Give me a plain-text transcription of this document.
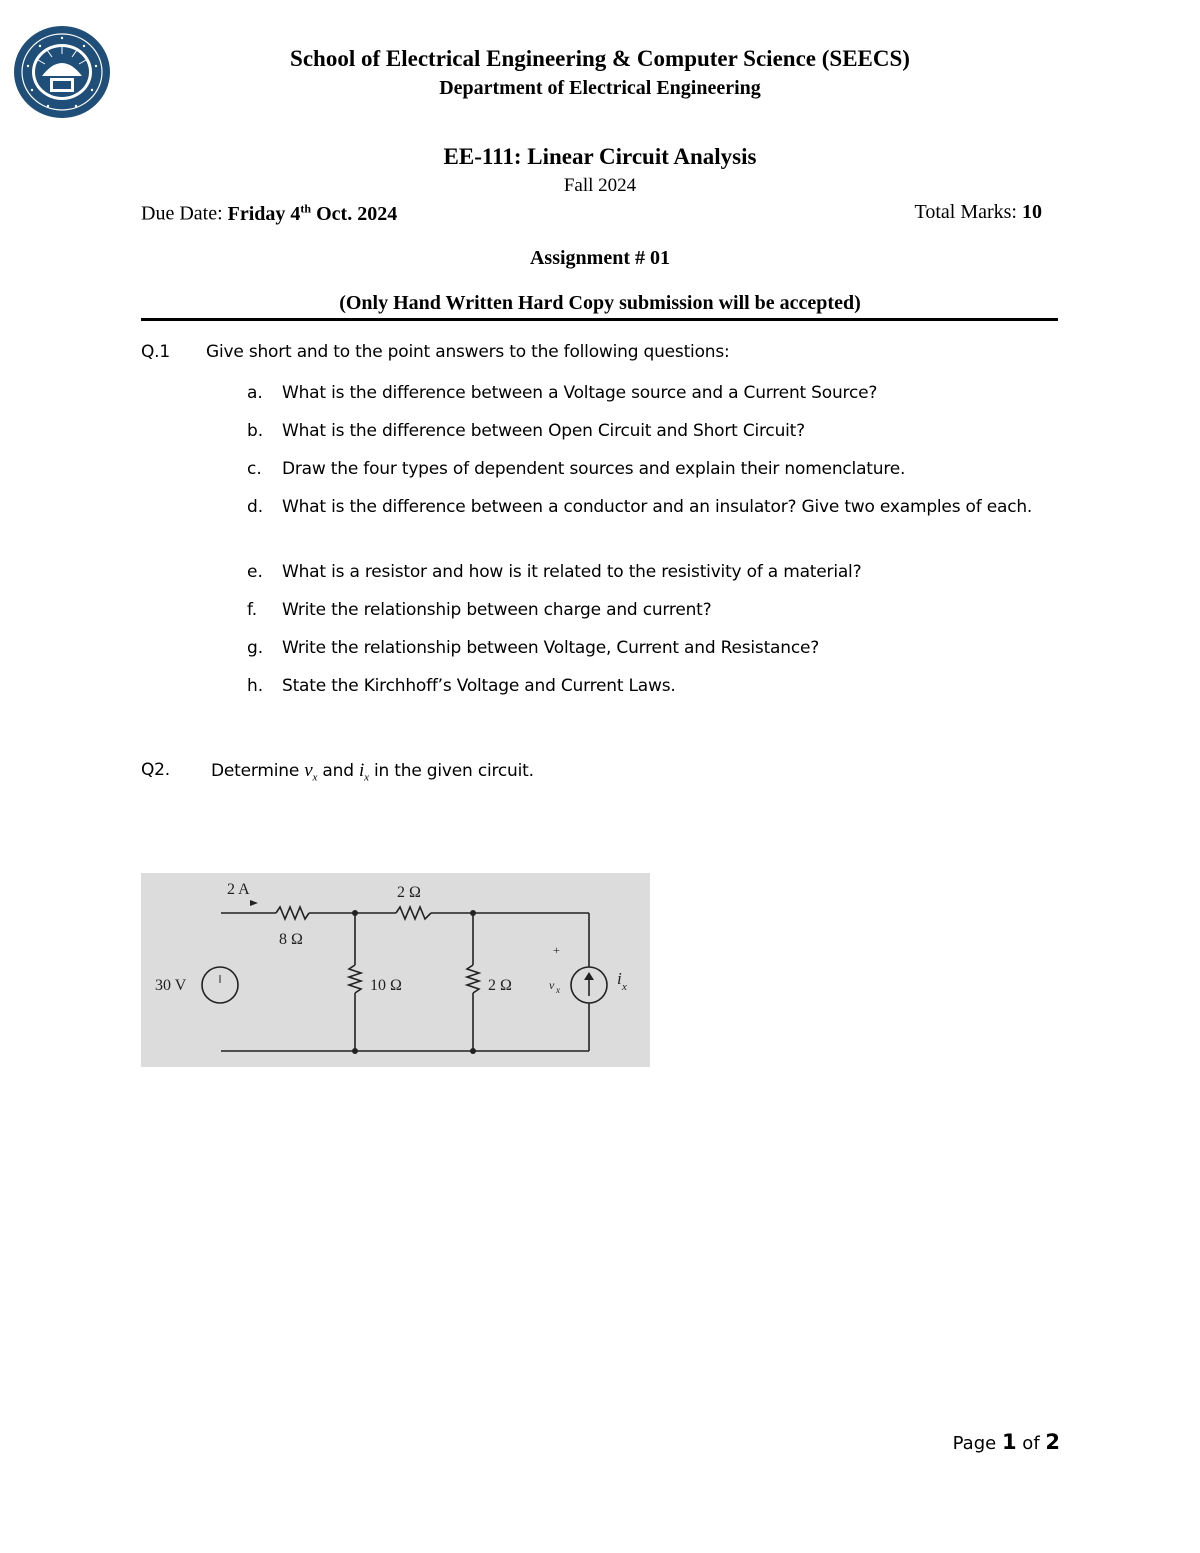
School of Electrical Engineering & Computer Science (SEECS)
Department of Electrical Engineering
EE-111: Linear Circuit Analysis
Fall 2024
Due Date: Friday 4th Oct. 2024	Total Marks: 10
Assignment # 01
(Only Hand Written Hard Copy submission will be accepted)
Q.1 Give short and to the point answers to the following questions:
a. What is the difference between a Voltage source and a Current Source?
b. What is the difference between Open Circuit and Short Circuit?
c. Draw the four types of dependent sources and explain their nomenclature.
d. What is the difference between a conductor and an insulator? Give two examples of each.
e. What is a resistor and how is it related to the resistivity of a material?
f. Write the relationship between charge and current?
g. Write the relationship between Voltage, Current and Resistance?
h. State the Kirchhoff’s Voltage and Current Laws.
Q2. Determine $v_x$ and $i_x$ in the given circuit.
2 A	2 Ω
8 Ω
30 V	10 Ω	2 Ω
+
v x
i x
Page 1 of 2
